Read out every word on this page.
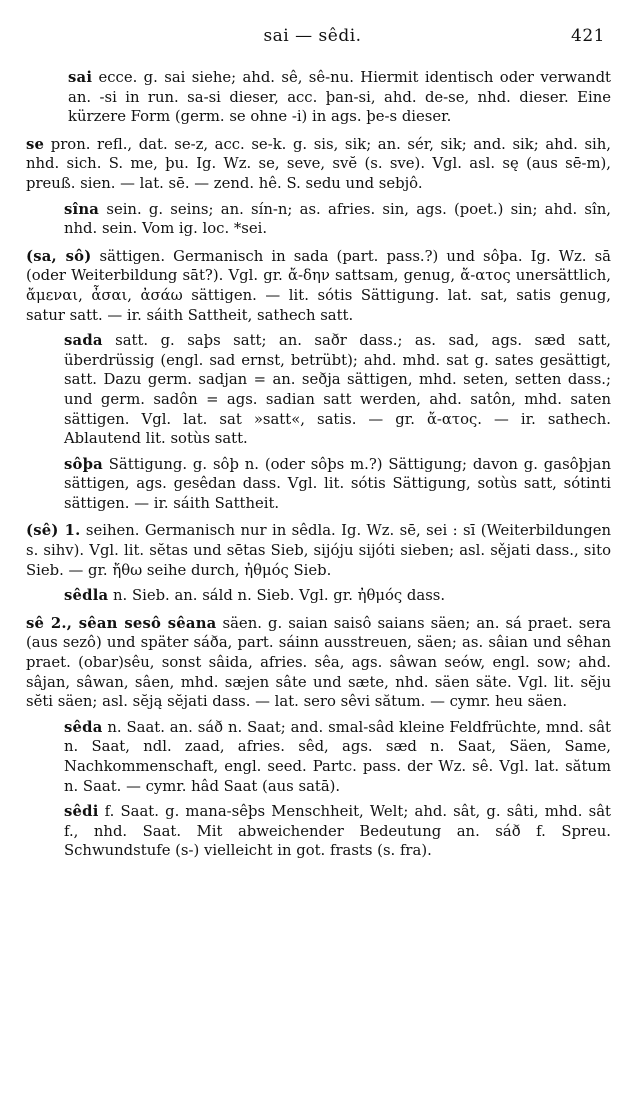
sai — sêdi.	421

sai ecce. g. sai siehe; ahd. sê, sê-nu. Hiermit identisch oder verwandt an. -si in run. sa-si dieser, acc. þan-si, ahd. de-se, nhd. dieser. Eine kürzere Form (germ. se ohne -i) in ags. þe-s dieser.

se pron. refl., dat. se-z, acc. se-k. g. sis, sik; an. sér, sik; and. sik; ahd. sih, nhd. sich. S. me, þu. Ig. Wz. se, seve, svĕ (s. sve). Vgl. asl. sę (aus sē-m), preuß. sien. — lat. sē. — zend. hê. S. sedu und sebjô.

sîna sein. g. seins; an. sín-n; as. afries. sin, ags. (poet.) sin; ahd. sîn, nhd. sein. Vom ig. loc. *sei.

(sa, sô) sättigen. Germanisch in sada (part. pass.?) und sôþa. Ig. Wz. sā (oder Weiterbildung sāt?). Vgl. gr. ἄ-δην sattsam, genug, ἄ-ατος unersättlich, ἄμεναι, ἆσαι, ἀσάω sättigen. — lit. sótis Sättigung. lat. sat, satis genug, satur satt. — ir. sáith Sattheit, sathech satt.

sada satt. g. saþs satt; an. saðr dass.; as. sad, ags. sæd satt, überdrüssig (engl. sad ernst, betrübt); ahd. mhd. sat g. sates gesättigt, satt. Dazu germ. sadjan = an. seðja sättigen, mhd. seten, setten dass.; und germ. sadôn = ags. sadian satt werden, ahd. satôn, mhd. saten sättigen. Vgl. lat. sat »satt«, satis. — gr. ἄ-ατος. — ir. sathech. Ablautend lit. sotùs satt.

sôþa Sättigung. g. sôþ n. (oder sôþs m.?) Sättigung; davon g. gasôþjan sättigen, ags. gesêdan dass. Vgl. lit. sótis Sättigung, sotùs satt, sótinti sättigen. — ir. sáith Sattheit.

(sê) 1. seihen. Germanisch nur in sêdla. Ig. Wz. sē, sei : sī (Weiterbildungen s. sihv). Vgl. lit. sĕtas und sētas Sieb, sijóju sijóti sieben; asl. sějati dass., sito Sieb. — gr. ἤθω seihe durch, ἠθμός Sieb.

sêdla n. Sieb. an. sáld n. Sieb. Vgl. gr. ἠθμός dass.

sê 2., sêan sesô sêana säen. g. saian saisô saians säen; an. sá praet. sera (aus sezô) und später sáða, part. sáinn ausstreuen, säen; as. sâian und sêhan praet. (obar)sêu, sonst sâida, afries. sêa, ags. sâwan seów, engl. sow; ahd. sâjan, sâwan, sâen, mhd. sæjen sâte und sæte, nhd. säen säte. Vgl. lit. sĕju sĕti säen; asl. sĕją sĕjati dass. — lat. sero sêvi sătum. — cymr. heu säen.

sêda n. Saat. an. sáð n. Saat; and. smal-sâd kleine Feldfrüchte, mnd. sât n. Saat, ndl. zaad, afries. sêd, ags. sæd n. Saat, Säen, Same, Nachkommenschaft, engl. seed. Partc. pass. der Wz. sê. Vgl. lat. sătum n. Saat. — cymr. hâd Saat (aus satā).

sêdi f. Saat. g. mana-sêþs Menschheit, Welt; ahd. sât, g. sâti, mhd. sât f., nhd. Saat. Mit abweichender Bedeutung an. sáð f. Spreu. Schwundstufe (s-) vielleicht in got. frasts (s. fra).
